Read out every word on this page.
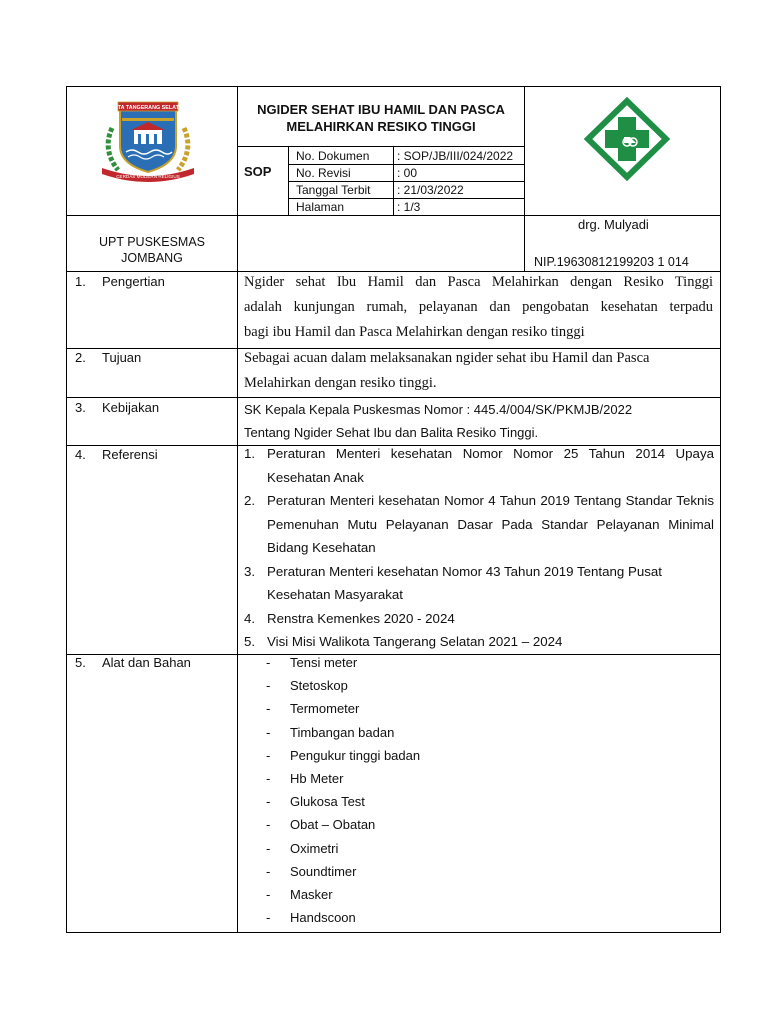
KOTA TANGERANG SELATAN
CERDAS MODERN RELIGIUS
NGIDER SEHAT IBU HAMIL DAN PASCA
MELAHIRKAN RESIKO TINGGI
SOP
No. Dokumen : SOP/JB/III/024/2022
No. Revisi	: 00
Tanggal Terbit : 21/03/2022
Halaman	: 1/3
UPT PUSKESMAS
JOMBANG
drg. Mulyadi
NIP.19630812199203 1 014
1. Pengertian	Ngider sehat Ibu Hamil dan Pasca Melahirkan dengan Resiko Tinggi
adalah kunjungan rumah, pelayanan dan pengobatan kesehatan terpadu
bagi ibu Hamil dan Pasca Melahirkan dengan resiko tinggi
2. Tujuan	Sebagai acuan dalam melaksanakan ngider sehat ibu Hamil dan Pasca
Melahirkan dengan resiko tinggi.
3. Kebijakan	SK Kepala Kepala Puskesmas Nomor : 445.4/004/SK/PKMJB/2022
Tentang Ngider Sehat Ibu dan Balita Resiko Tinggi.
4. Referensi	1. Peraturan Menteri kesehatan Nomor Nomor 25 Tahun 2014 Upaya Kesehatan Anak
2. Peraturan Menteri kesehatan Nomor 4 Tahun 2019 Tentang Standar Teknis Pemenuhan Mutu Pelayanan Dasar Pada Standar Pelayanan Minimal Bidang Kesehatan
3. Peraturan Menteri kesehatan Nomor 43 Tahun 2019 Tentang Pusat Kesehatan Masyarakat
4. Renstra Kemenkes 2020 - 2024
5. Visi Misi Walikota Tangerang Selatan 2021 – 2024
5. Alat dan Bahan	-	Tensi meter
-	Stetoskop
-	Termometer
-	Timbangan badan
-	Pengukur tinggi badan
-	Hb Meter
-	Glukosa Test
-	Obat – Obatan
-	Oximetri
-	Soundtimer
-	Masker
-	Handscoon
